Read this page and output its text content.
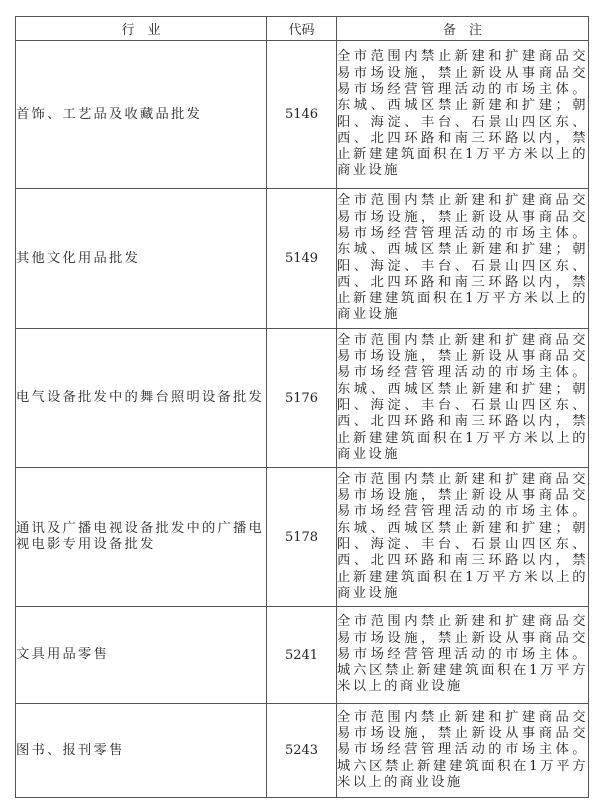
行　业	代码	备　注
首饰、工艺品及收藏品批发	5146	全市范围内禁止新建和扩建商品交易市场设施，禁止新设从事商品交易市场经营管理活动的市场主体。东城、西城区禁止新建和扩建；朝阳、海淀、丰台、石景山四区东、西、北四环路和南三环路以内，禁止新建建筑面积在1万平方米以上的商业设施
其他文化用品批发	5149	全市范围内禁止新建和扩建商品交易市场设施，禁止新设从事商品交易市场经营管理活动的市场主体。东城、西城区禁止新建和扩建；朝阳、海淀、丰台、石景山四区东、西、北四环路和南三环路以内，禁止新建建筑面积在1万平方米以上的商业设施
电气设备批发中的舞台照明设备批发	5176	全市范围内禁止新建和扩建商品交易市场设施，禁止新设从事商品交易市场经营管理活动的市场主体。东城、西城区禁止新建和扩建；朝阳、海淀、丰台、石景山四区东、西、北四环路和南三环路以内，禁止新建建筑面积在1万平方米以上的商业设施
通讯及广播电视设备批发中的广播电视电影专用设备批发	5178	全市范围内禁止新建和扩建商品交易市场设施，禁止新设从事商品交易市场经营管理活动的市场主体。东城、西城区禁止新建和扩建；朝阳、海淀、丰台、石景山四区东、西、北四环路和南三环路以内，禁止新建建筑面积在1万平方米以上的商业设施
文具用品零售	5241	全市范围内禁止新建和扩建商品交易市场设施，禁止新设从事商品交易市场经营管理活动的市场主体。城六区禁止新建建筑面积在1万平方米以上的商业设施
图书、报刊零售	5243	全市范围内禁止新建和扩建商品交易市场设施，禁止新设从事商品交易市场经营管理活动的市场主体。城六区禁止新建建筑面积在1万平方米以上的商业设施
